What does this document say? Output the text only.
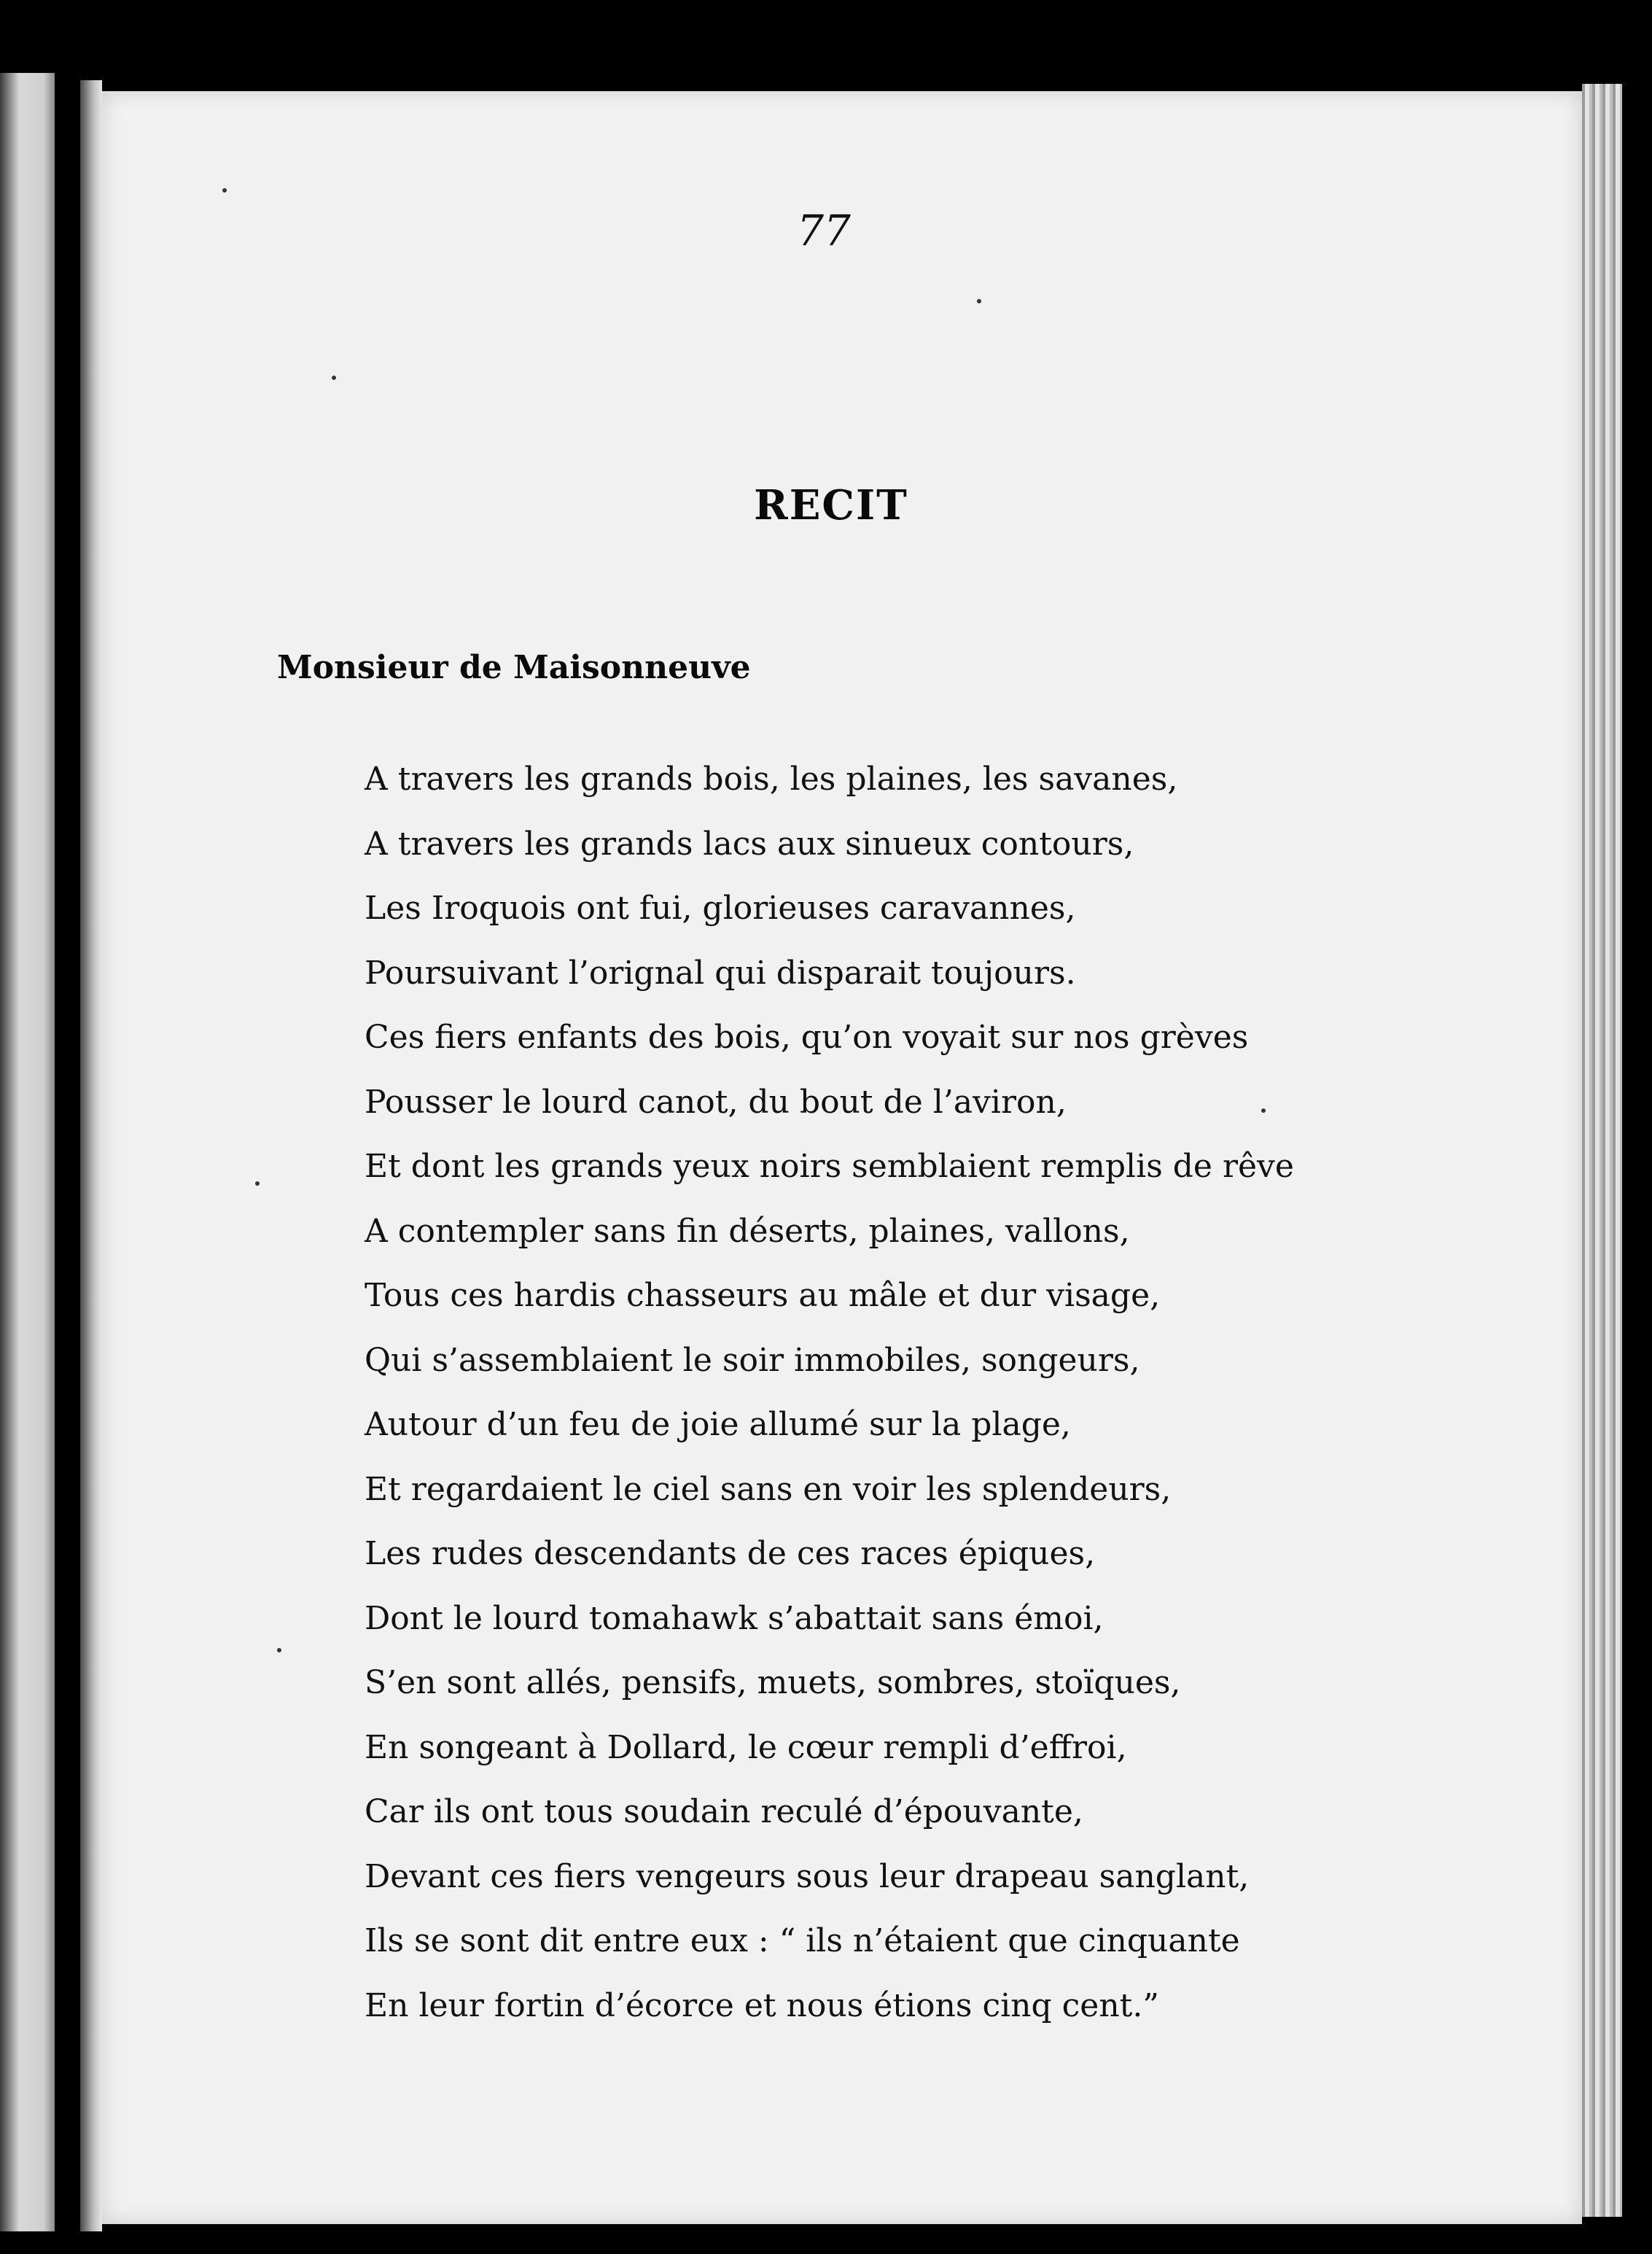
77
RECIT
Monsieur de Maisonneuve
A travers les grands bois, les plaines, les savanes,
A travers les grands lacs aux sinueux contours,
Les Iroquois ont fui, glorieuses caravannes,
Poursuivant l’orignal qui disparait toujours.
Ces fiers enfants des bois, qu’on voyait sur nos grèves
Pousser le lourd canot, du bout de l’aviron,
Et dont les grands yeux noirs semblaient remplis de rêve
A contempler sans fin déserts, plaines, vallons,
Tous ces hardis chasseurs au mâle et dur visage,
Qui s’assemblaient le soir immobiles, songeurs,
Autour d’un feu de joie allumé sur la plage,
Et regardaient le ciel sans en voir les splendeurs,
Les rudes descendants de ces races épiques,
Dont le lourd tomahawk s’abattait sans émoi,
S’en sont allés, pensifs, muets, sombres, stoïques,
En songeant à Dollard, le cœur rempli d’effroi,
Car ils ont tous soudain reculé d’épouvante,
Devant ces fiers vengeurs sous leur drapeau sanglant,
Ils se sont dit entre eux : “ ils n’étaient que cinquante
En leur fortin d’écorce et nous étions cinq cent.”
